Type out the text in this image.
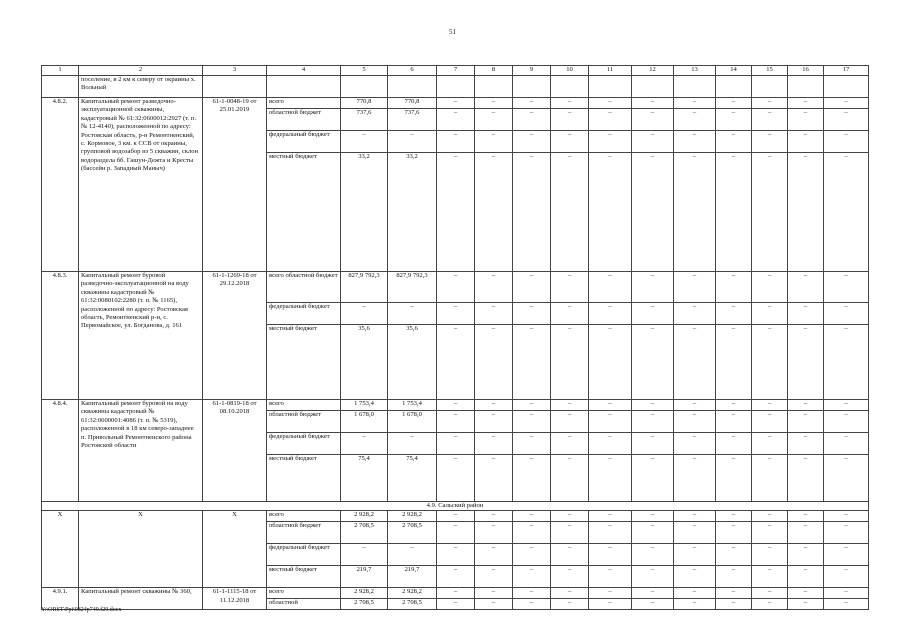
51
1	2	3	4	5	6	7	8	9	10	11	12	13	14	15	16	17
	поселение, в 2 км к северу от окраины х. Вольный															
4.8.2.	Капитальный ремонт разведочно-эксплуатационной скважины, кадастровый № 61:32:0600012:2927 (т. п. № 12-4140), расположенной по адресу: Ростовская область, р-н Ремонтненский, с. Кормовое, 3 км. к ССВ от окраины, групповой водозабор из 5 скважин, склон водораздела бб. Гашун-Дежта и Кресты (бассейн р. Западный Маныч)	61-1-0048-19 от 25.01.2019	всего	770,8	770,8	–	–	–	–	–	–	–	–	–	–	–
			областной бюджет	737,6	737,6	–	–	–	–	–	–	–	–	–	–	–
			федеральный бюджет	–	–	–	–	–	–	–	–	–	–	–	–	–
			местный бюджет	33,2	33,2	–	–	–	–	–	–	–	–	–	–	–
4.8.3.	Капитальный ремонт буровой разведочно-эксплуатационной на воду скважины кадастровый № 61:32:0080102:2280 (т. п. № 1165), расположенной по адресу: Ростовская область, Ремонтненский р-н, с. Первомайское, ул. Богданова, д. 161	61-1-1269-18 от 29.12.2018	всего областной бюджет	827,9 792,3	827,9 792,3	–	–	–	–	–	–	–	–	–	–	–
			федеральный бюджет	–	–	–	–	–	–	–	–	–	–	–	–	–
			местный бюджет	35,6	35,6	–	–	–	–	–	–	–	–	–	–	–
4.8.4.	Капитальный ремонт буровой на воду скважины кадастровый № 61:32:0600001:4086 (т. п. № 5319), расположенной в 18 км северо-западнее п. Привольный Ремонтненского района Ростовской области	61-1-0819-18 от 08.10.2018	всего	1 753,4	1 753,4	–	–	–	–	–	–	–	–	–	–	–
			областной бюджет	1 678,0	1 678,0	–	–	–	–	–	–	–	–	–	–	–
			федеральный бюджет	–	–	–	–	–	–	–	–	–	–	–	–	–
			местный бюджет	75,4	75,4	–	–	–	–	–	–	–	–	–	–	–
4.9. Сальский район																
Х	Х	Х	всего	2 928,2	2 928,2	–	–	–	–	–	–	–	–	–	–	–
			областной бюджет	2 708,5	2 708,5	–	–	–	–	–	–	–	–	–	–	–
			федеральный бюджет	–	–	–	–	–	–	–	–	–	–	–	–	–
			местный бюджет	219,7	219,7	–	–	–	–	–	–	–	–	–	–	–
4.9.1.	Капитальный ремонт скважины № 360,	61-1-1115-18 от 11.12.2018	всего	2 928,2	2 928,2	–	–	–	–	–	–	–	–	–	–	–
			областной	2 708,5	2 708,5	–	–	–	–	–	–	–	–	–	–	–
Y:\ORST\Ppi\0824p749.f20.docx
